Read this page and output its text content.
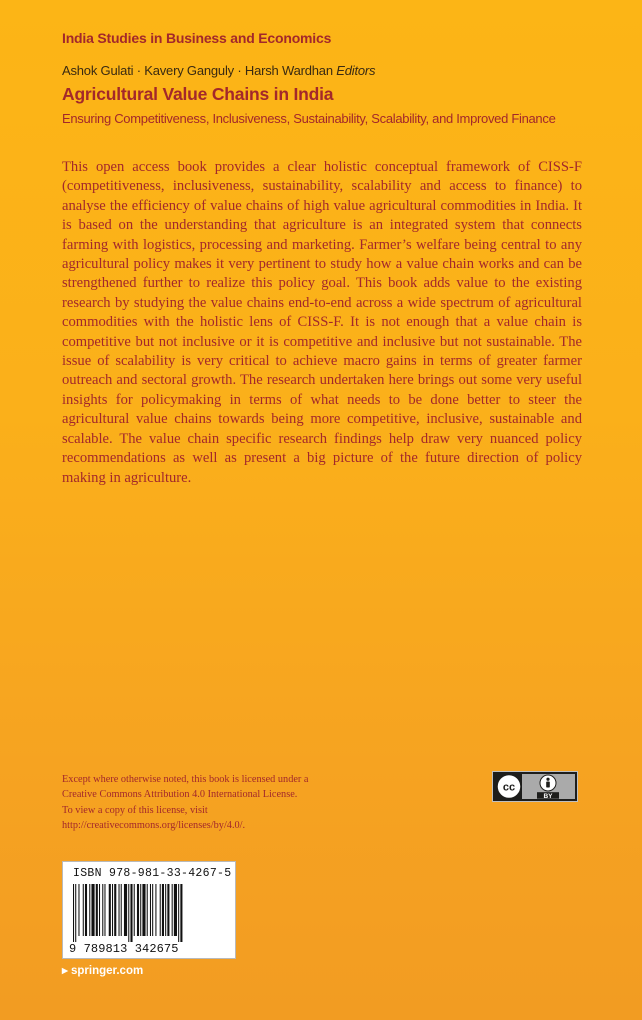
India Studies in Business and Economics
Ashok Gulati · Kavery Ganguly · Harsh Wardhan Editors
Agricultural Value Chains in India
Ensuring Competitiveness, Inclusiveness, Sustainability, Scalability, and Improved Finance
This open access book provides a clear holistic conceptual framework of CISS-F (competitiveness, inclusiveness, sustainability, scalability and access to finance) to analyse the efficiency of value chains of high value agricultural commodities in India. It is based on the understanding that agriculture is an integrated system that connects farming with logistics, processing and marketing. Farmer’s welfare being central to any agricultural policy makes it very pertinent to study how a value chain works and can be strengthened further to realize this policy goal. This book adds value to the existing research by studying the value chains end-to-end across a wide spectrum of agricultural commodities with the holistic lens of CISS-F. It is not enough that a value chain is competitive but not inclusive or it is competitive and inclusive but not sustainable. The issue of scalability is very critical to achieve macro gains in terms of greater farmer outreach and sectoral growth. The research undertaken here brings out some very useful insights for policymaking in terms of what needs to be done better to steer the agricultural value chains towards being more competitive, inclusive, sustainable and scalable. The value chain specific research findings help draw very nuanced policy recommendations as well as present a big picture of the future direction of policy making in agriculture.
Except where otherwise noted, this book is licensed under a
Creative Commons Attribution 4.0 International License.
To view a copy of this license, visit
http://creativecommons.org/licenses/by/4.0/.
cc
BY
ISBN 978-981-33-4267-5
9 789813 342675
▸ springer.com
